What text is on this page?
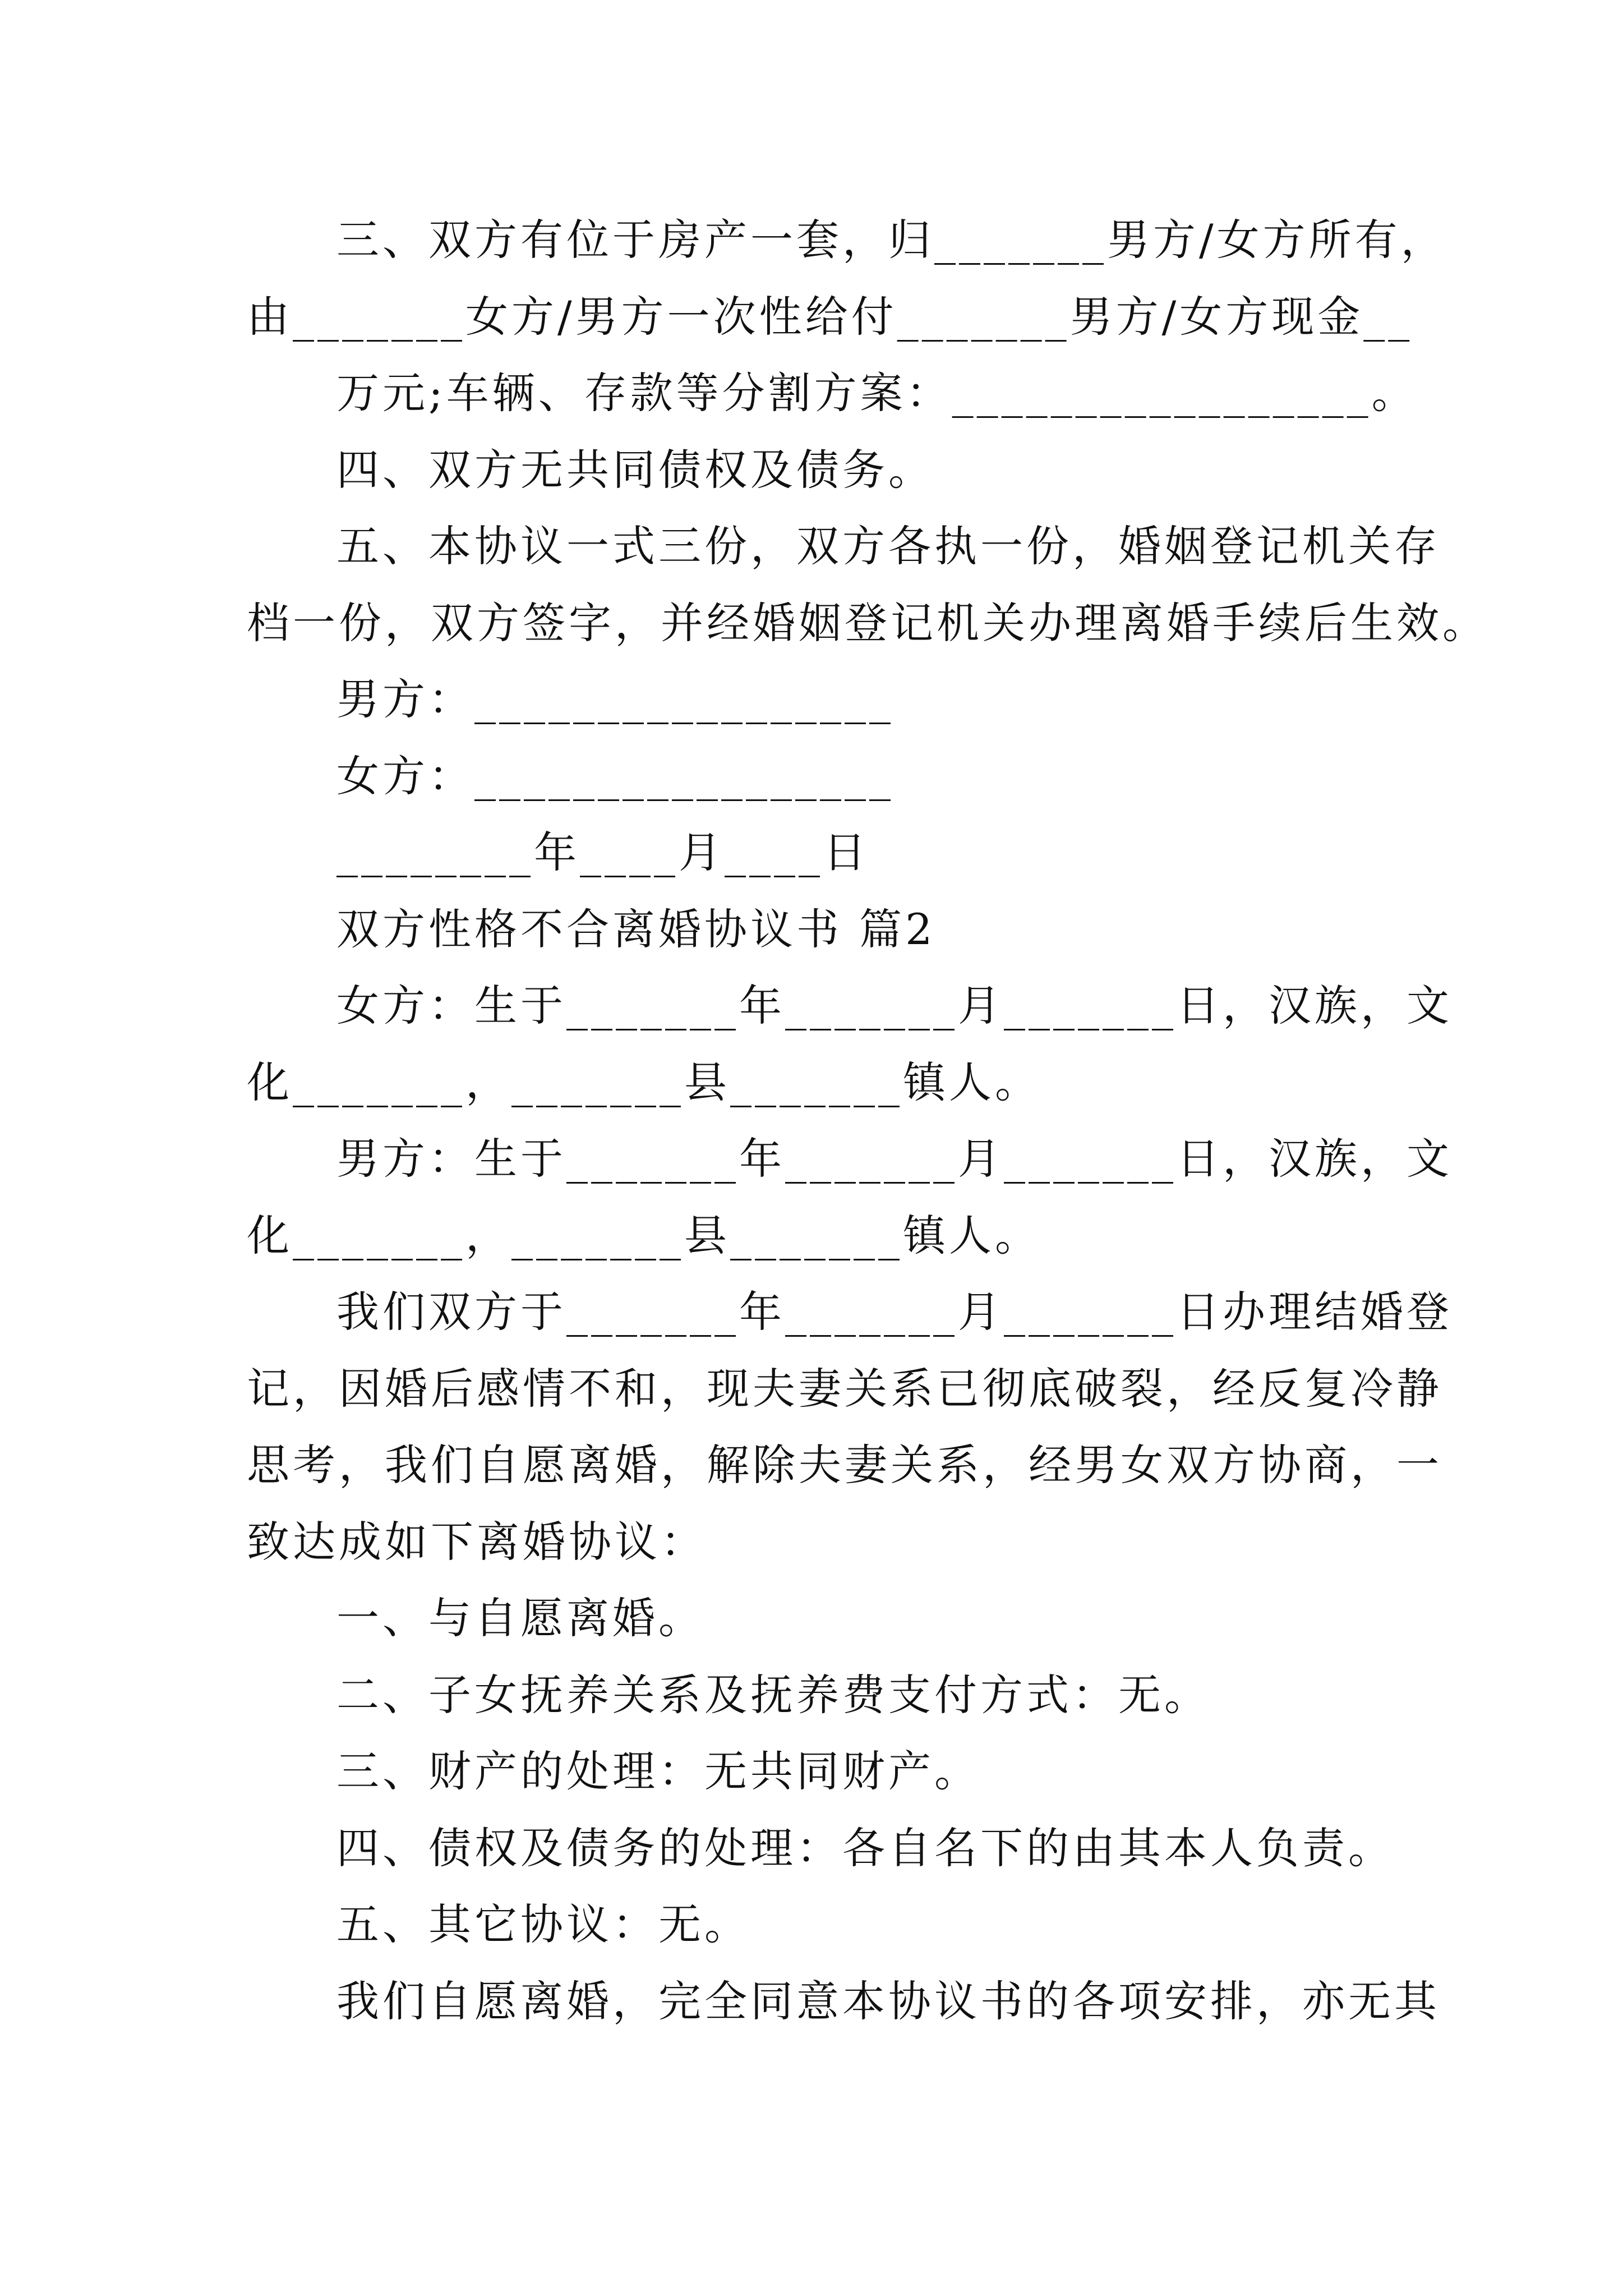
三、双方有位于房产一套，归_______男方/女方所有，
由_______女方/男方一次性给付_______男方/女方现金__
万元;车辆、存款等分割方案：_________________。
四、双方无共同债权及债务。
五、本协议一式三份，双方各执一份，婚姻登记机关存
档一份，双方签字，并经婚姻登记机关办理离婚手续后生效。
男方：_________________
女方：_________________
________年____月____日
双方性格不合离婚协议书 篇2
女方：生于_______年_______月_______日，汉族，文
化_______，_______县_______镇人。
男方：生于_______年_______月_______日，汉族，文
化_______，_______县_______镇人。
我们双方于_______年_______月_______日办理结婚登
记，因婚后感情不和，现夫妻关系已彻底破裂，经反复冷静
思考，我们自愿离婚，解除夫妻关系，经男女双方协商，一
致达成如下离婚协议：
一、与自愿离婚。
二、子女抚养关系及抚养费支付方式：无。
三、财产的处理：无共同财产。
四、债权及债务的处理：各自名下的由其本人负责。
五、其它协议：无。
我们自愿离婚，完全同意本协议书的各项安排，亦无其
